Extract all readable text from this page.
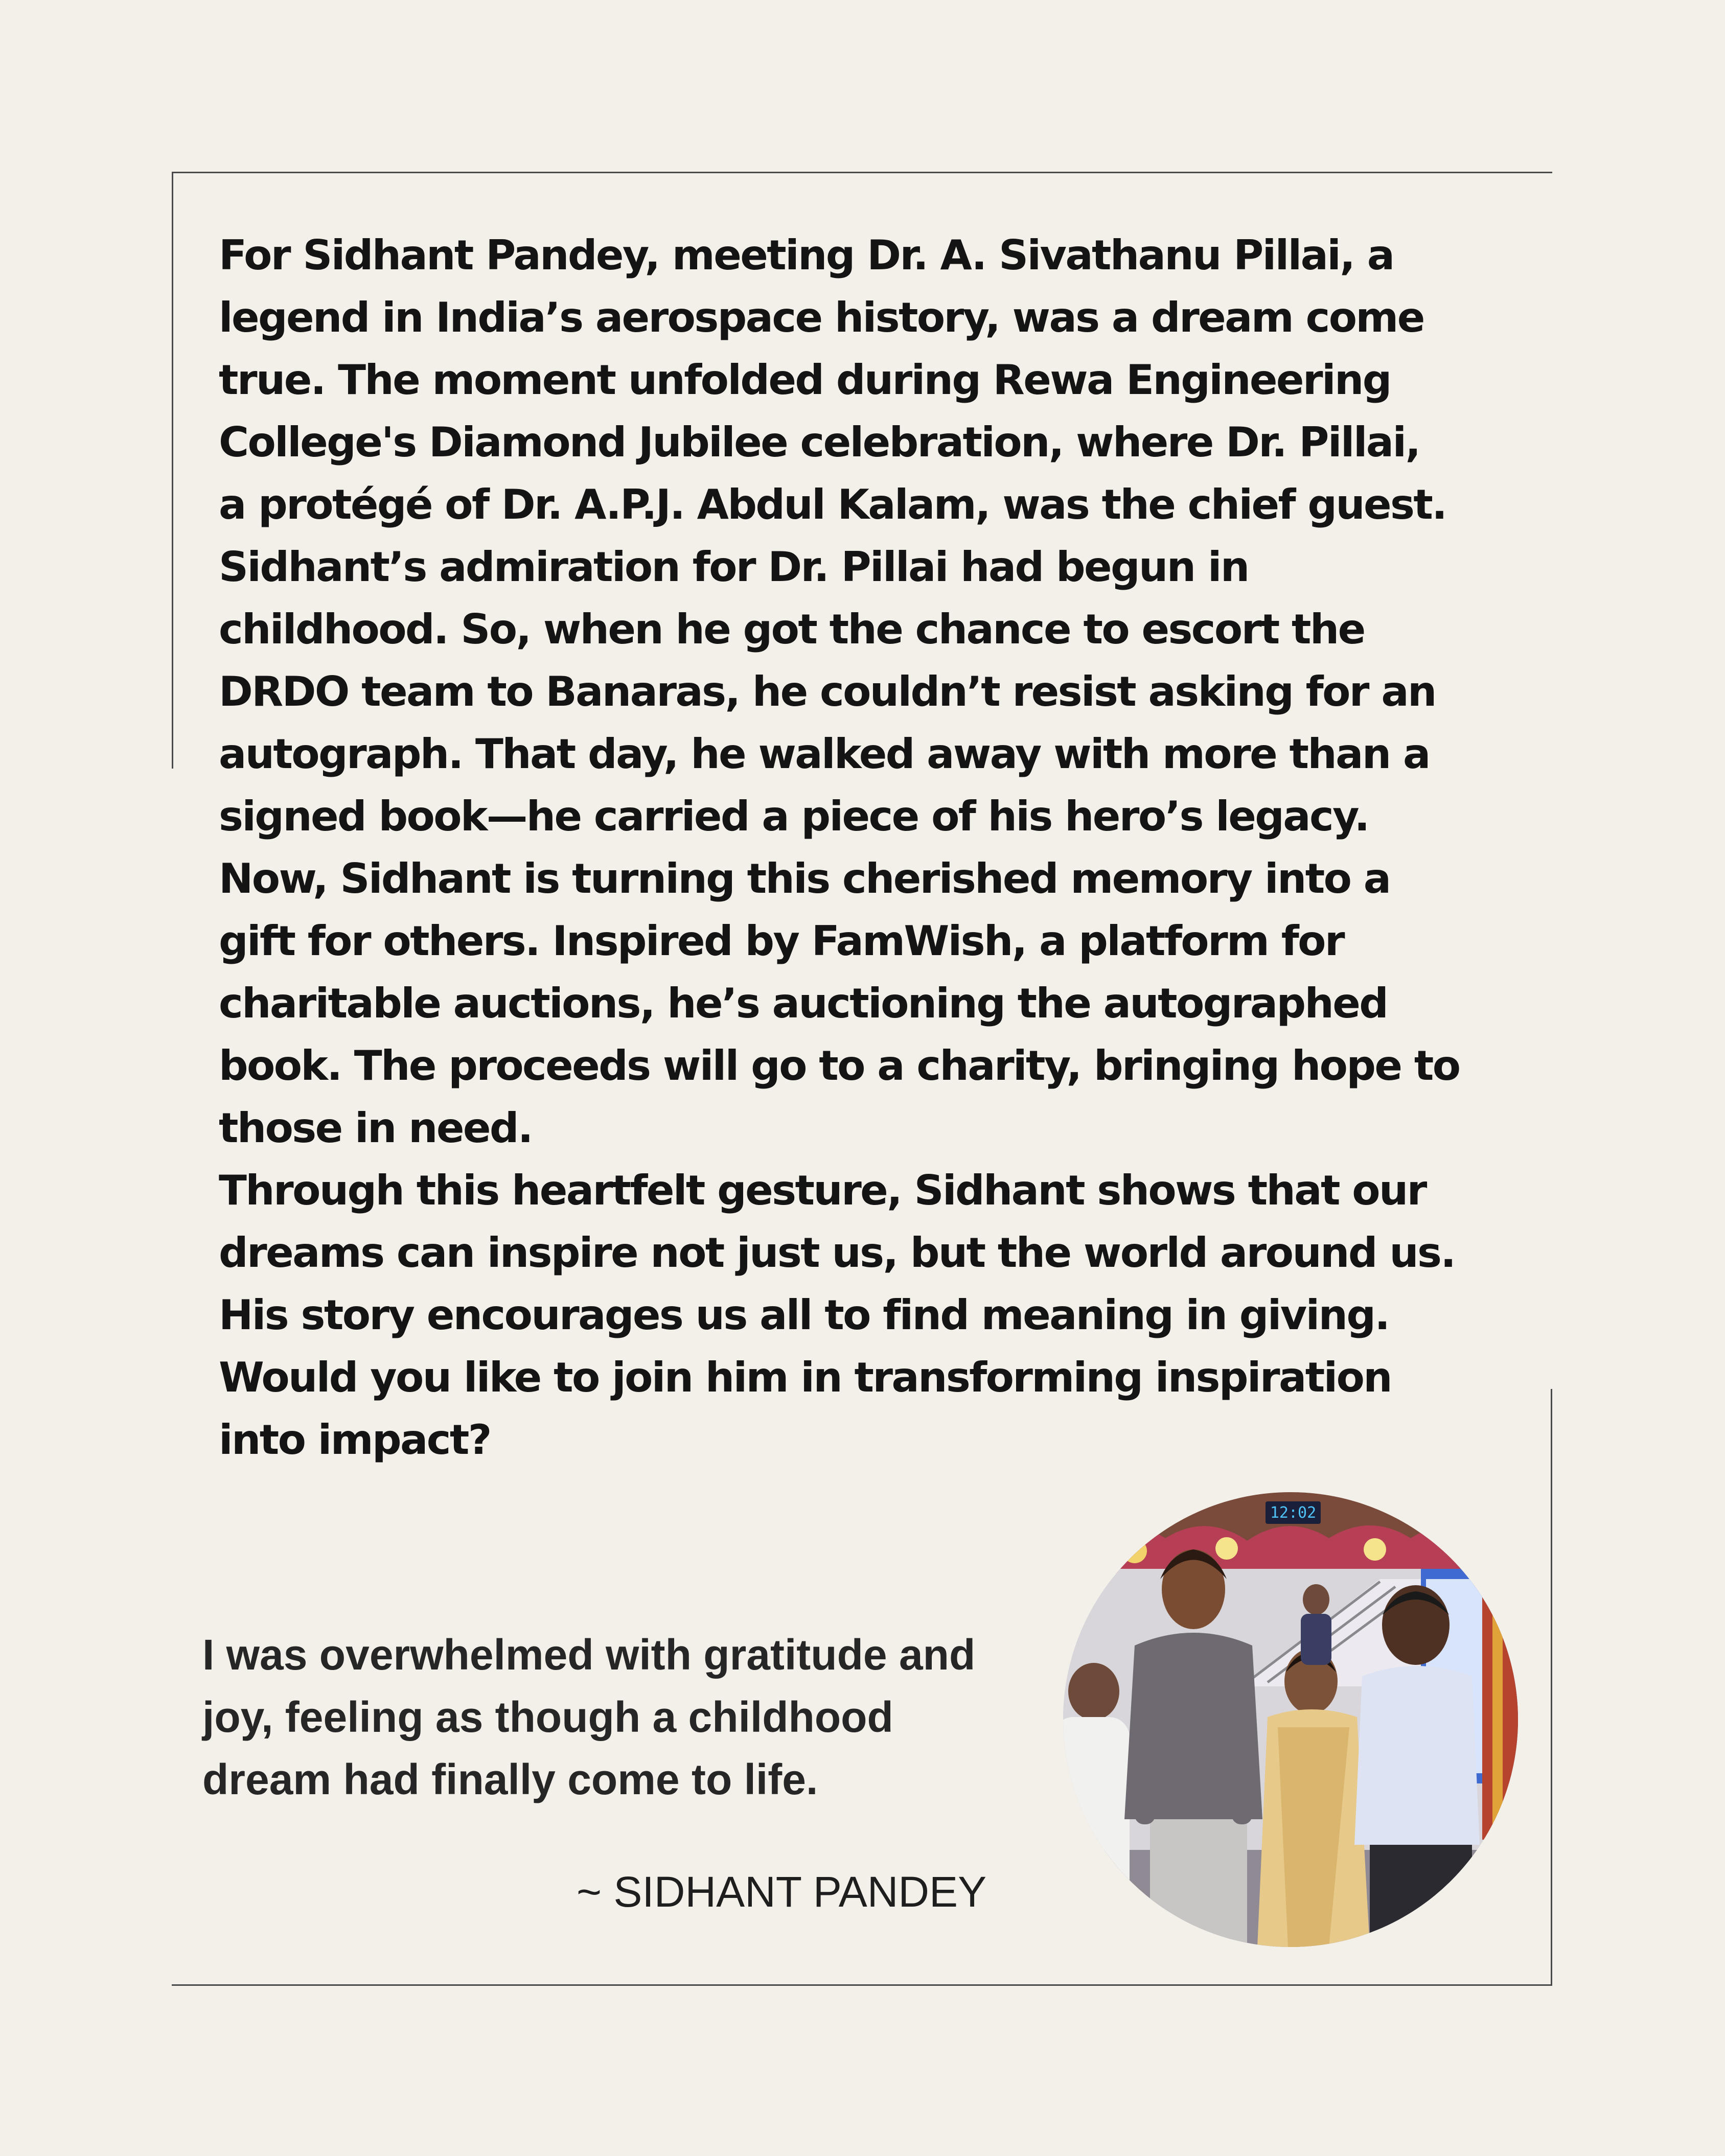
For Sidhant Pandey, meeting Dr. A. Sivathanu Pillai, a
legend in India’s aerospace history, was a dream come
true. The moment unfolded during Rewa Engineering
College's Diamond Jubilee celebration, where Dr. Pillai,
a protégé of Dr. A.P.J. Abdul Kalam, was the chief guest.
Sidhant’s admiration for Dr. Pillai had begun in
childhood. So, when he got the chance to escort the
DRDO team to Banaras, he couldn’t resist asking for an
autograph. That day, he walked away with more than a
signed book—he carried a piece of his hero’s legacy.
Now, Sidhant is turning this cherished memory into a
gift for others. Inspired by FamWish, a platform for
charitable auctions, he’s auctioning the autographed
book. The proceeds will go to a charity, bringing hope to
those in need.
Through this heartfelt gesture, Sidhant shows that our
dreams can inspire not just us, but the world around us.
His story encourages us all to find meaning in giving.
Would you like to join him in transforming inspiration
into impact?
I was overwhelmed with gratitude and
joy, feeling as though a childhood
dream had finally come to life.
~ SIDHANT PANDEY
12:02
